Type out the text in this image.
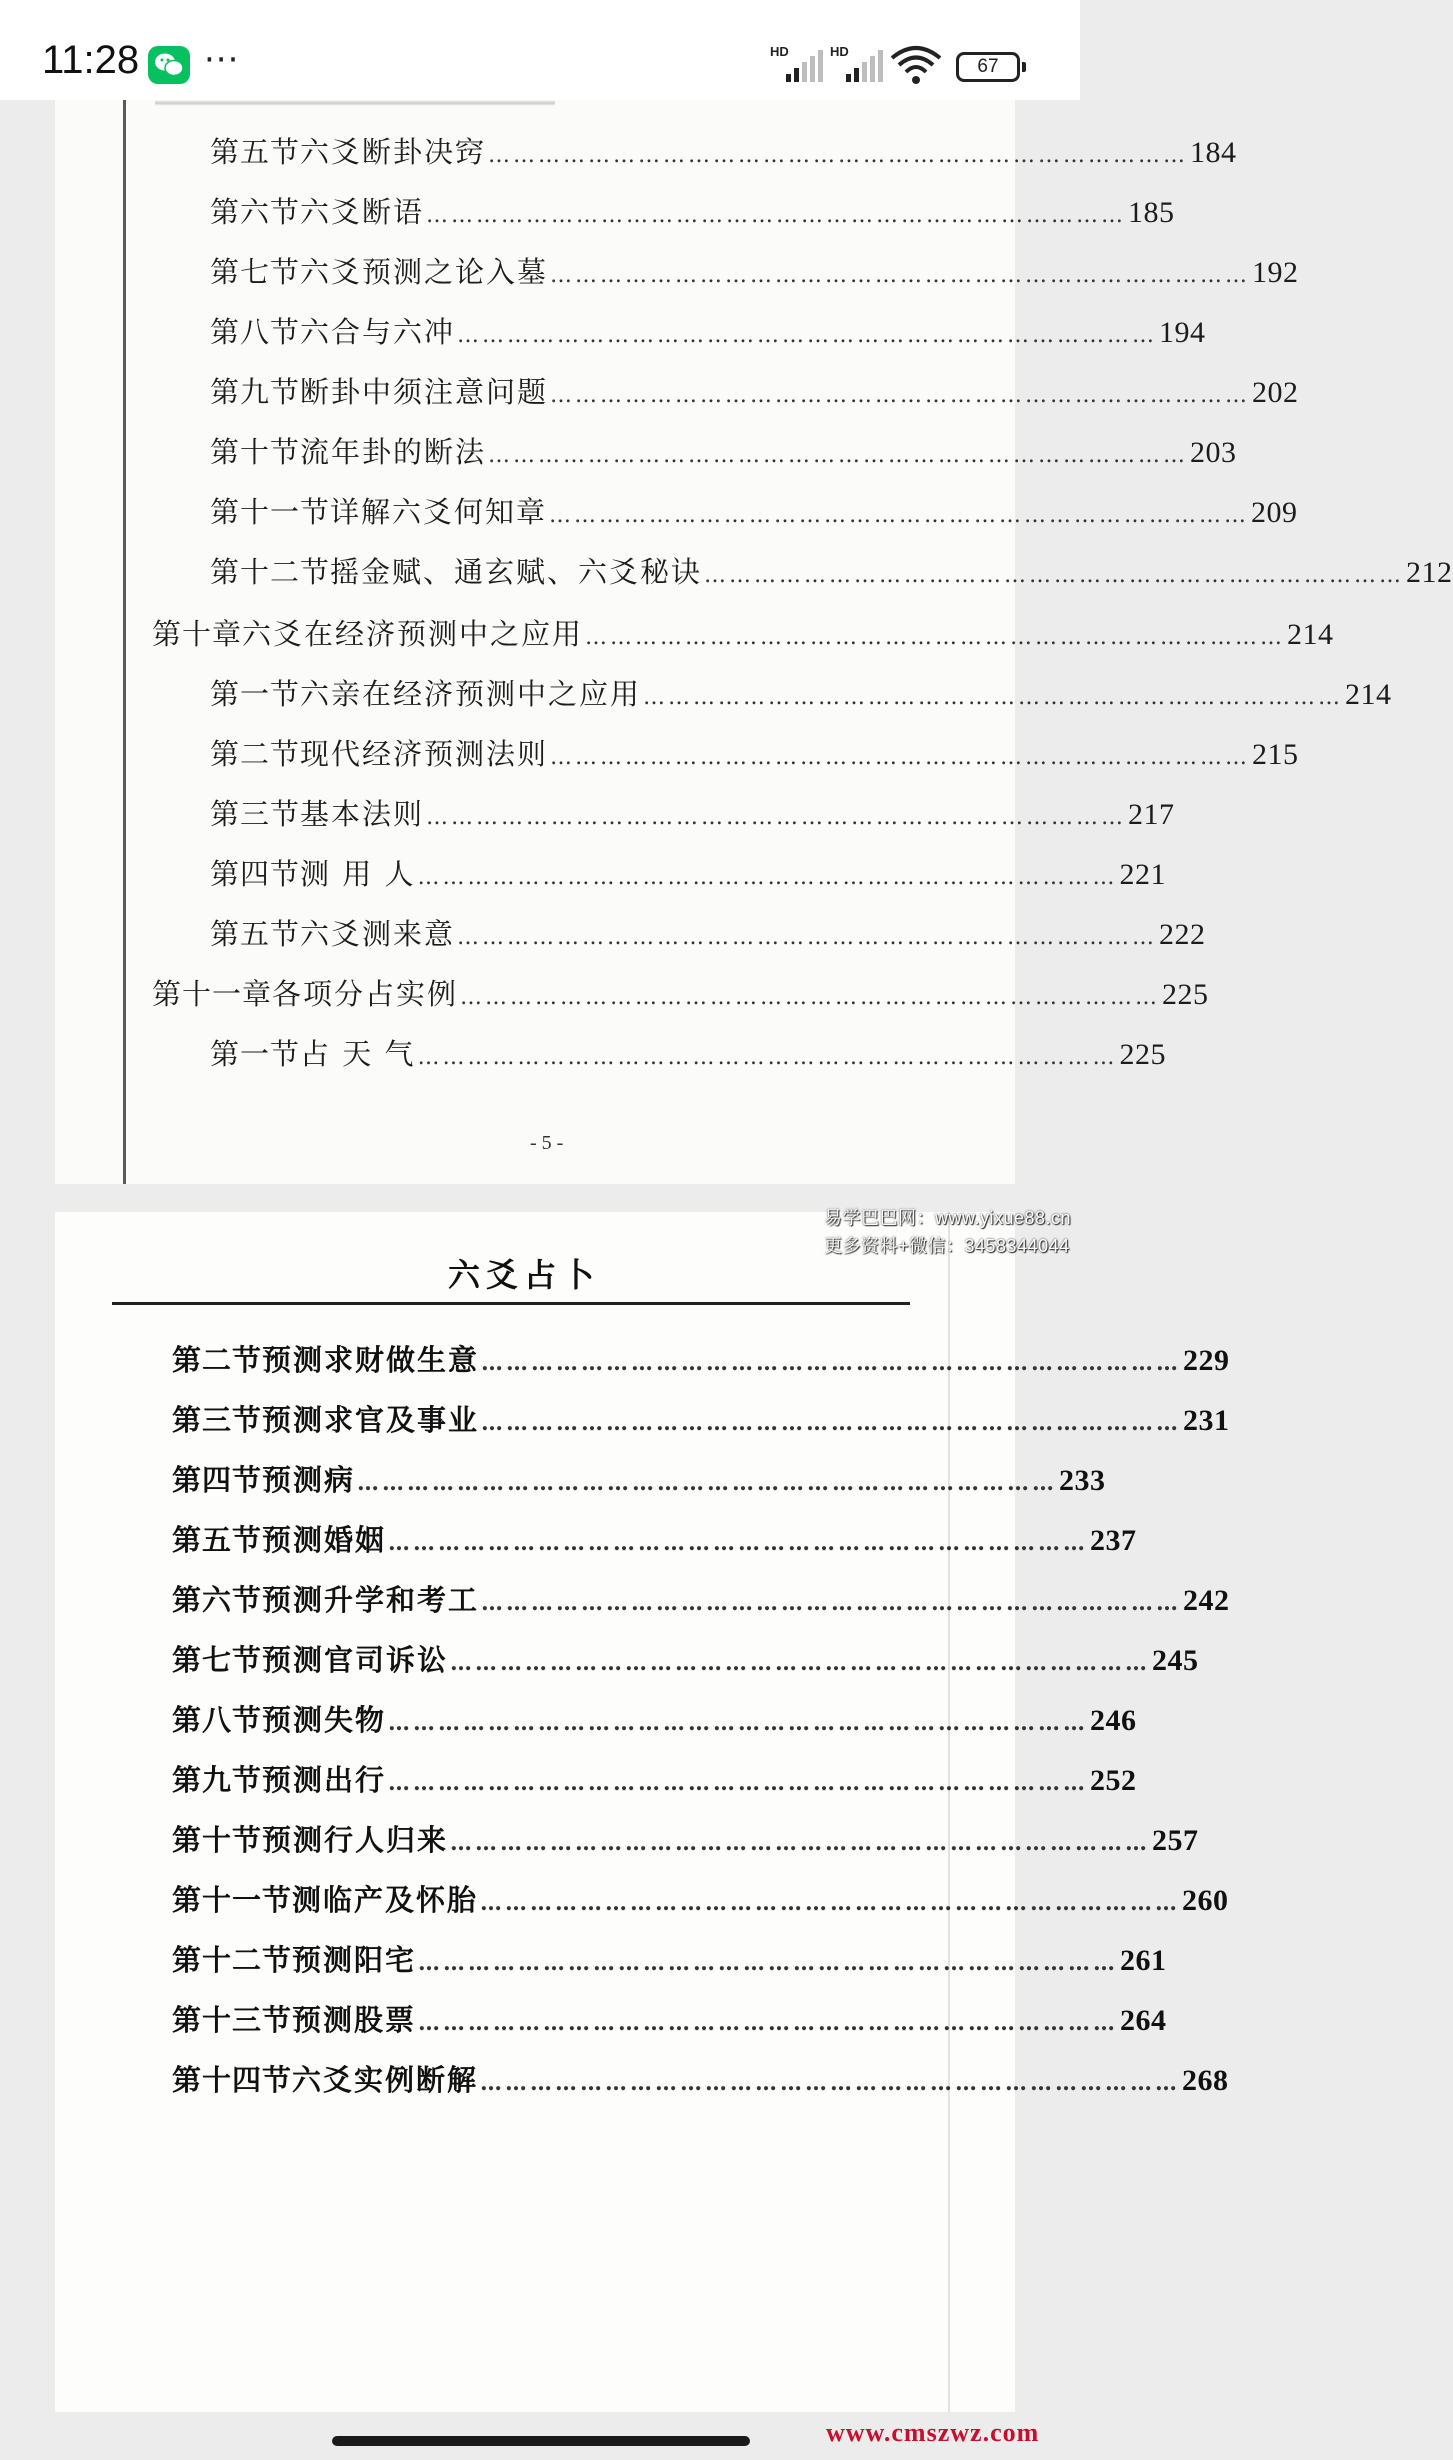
11:28 ···	HD	HD
67
第五节 六爻断卦决窍 ………………………………………………………………………… 184
第六节 六爻断语 ………………………………………………………………………… 185
第七节 六爻预测之论入墓 ………………………………………………………………………… 192
第八节 六合与六冲 ………………………………………………………………………… 194
第九节 断卦中须注意问题 ………………………………………………………………………… 202
第十节 流年卦的断法 ………………………………………………………………………… 203
第十一节 详解六爻何知章 ………………………………………………………………………… 209
第十二节 摇金赋、通玄赋、六爻秘诀 ………………………………………………………………………… 212
第十章 六爻在经济预测中之应用 ………………………………………………………………………… 214
第一节 六亲在经济预测中之应用 ………………………………………………………………………… 214
第二节 现代经济预测法则 ………………………………………………………………………… 215
第三节 基本法则 ………………………………………………………………………… 217
第四节 测 用 人 ………………………………………………………………………… 221
第五节 六爻测来意 ………………………………………………………………………… 222
第十一章 各项分占实例 ………………………………………………………………………… 225
第一节 占 天 气 ………………………………………………………………………… 225
- 5 -
六爻占卜
第二节 预测求财做生意 ………………………………………………………………………… 229
第三节 预测求官及事业 ………………………………………………………………………… 231
第四节 预测病 ………………………………………………………………………… 233
第五节 预测婚姻 ………………………………………………………………………… 237
第六节 预测升学和考工 ………………………………………………………………………… 242
第七节 预测官司诉讼 ………………………………………………………………………… 245
第八节 预测失物 ………………………………………………………………………… 246
第九节 预测出行 ………………………………………………………………………… 252
第十节 预测行人归来 ………………………………………………………………………… 257
第十一节 测临产及怀胎 ………………………………………………………………………… 260
第十二节 预测阳宅 ………………………………………………………………………… 261
第十三节 预测股票 ………………………………………………………………………… 264
第十四节 六爻实例断解 ………………………………………………………………………… 268
易学巴巴网：www.yixue88.cn
更多资料+微信：3458344044
www.cmszwz.com
